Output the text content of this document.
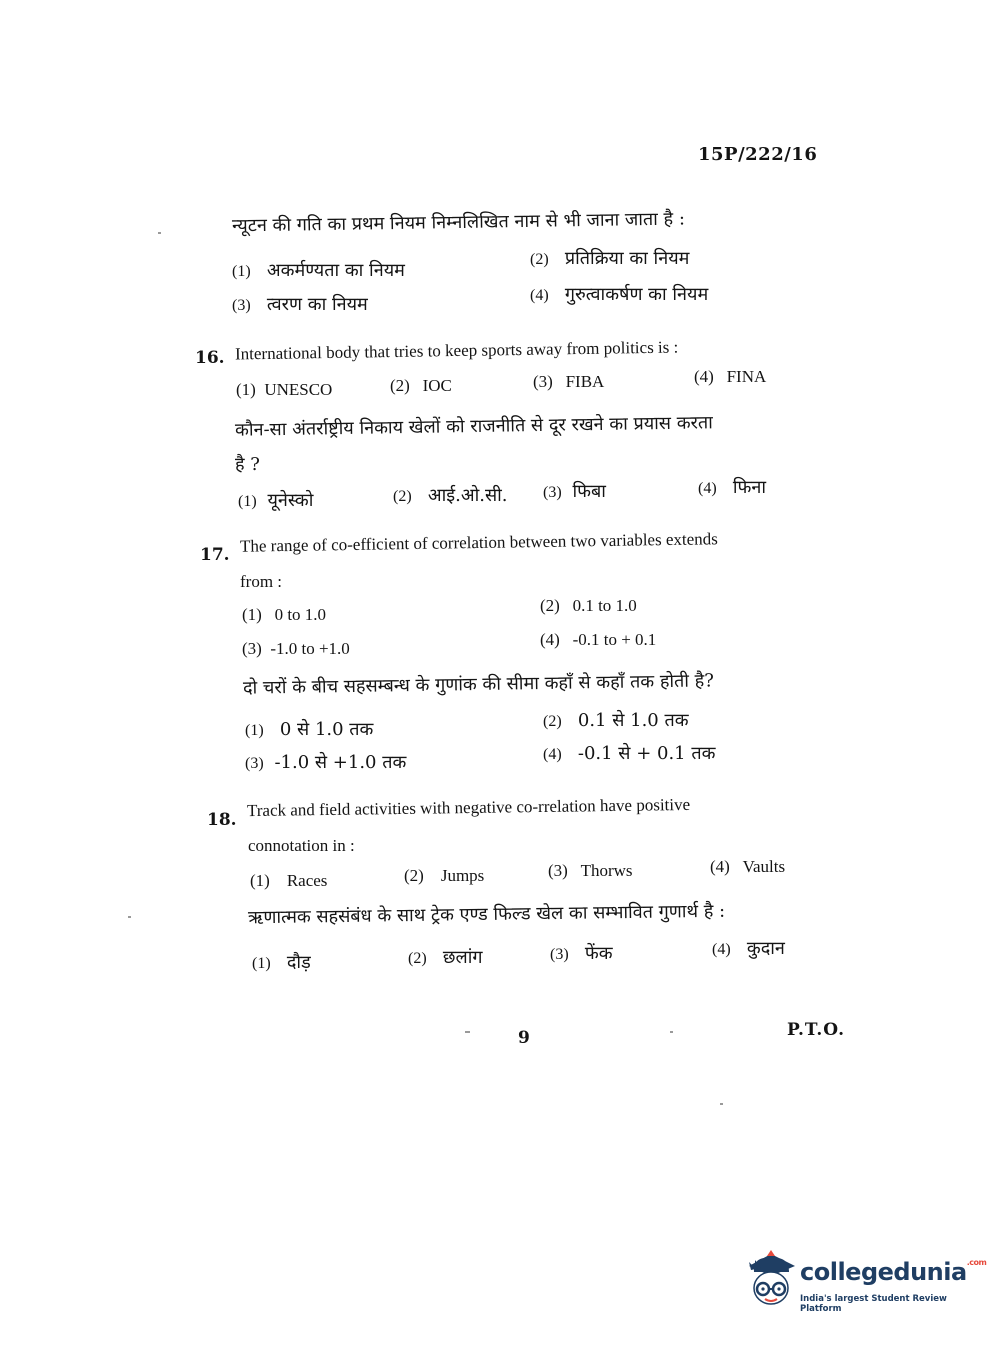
15P/222/16
न्यूटन की गति का प्रथम नियम निम्नलिखित नाम से भी जाना जाता है :
(1) अकर्मण्यता का नियम
(2) प्रतिक्रिया का नियम
(3) त्वरण का नियम	(4) गुरुत्वाकर्षण का नियम
16. International body that tries to keep sports away from politics is :
(1) UNESCO	(2) IOC	(3) FIBA	(4) FINA
कौन-सा अंतर्राष्ट्रीय निकाय खेलों को राजनीति से दूर रखने का प्रयास करता
है ?
(1) यूनेस्को	(2) आई.ओ.सी. (3) फिबा	(4) फिना
17. The range of co-efficient of correlation between two variables extends
from :
(1) 0 to 1.0	(2) 0.1 to 1.0
(3) -1.0 to +1.0	(4) -0.1 to + 0.1
दो चरों के बीच सहसम्बन्ध के गुणांक की सीमा कहाँ से कहाँ तक होती है?
(1) 0 से 1.0 तक	(2) 0.1 से 1.0 तक
(3) -1.0 से +1.0 तक	(4) -0.1 से + 0.1 तक
18. Track and field activities with negative co-rrelation have positive
connotation in :
(1) Races	(2) Jumps	(3) Thorws	(4) Vaults
ऋणात्मक सहसंबंध के साथ ट्रेक एण्ड फिल्ड खेल का सम्भावित गुणार्थ है :
(1) दौड़	(2) छलांग	(3) फेंक	(4) कुदान
9	P.T.O.
collegedunia$^{.com}$
India's largest Student Review Platform
